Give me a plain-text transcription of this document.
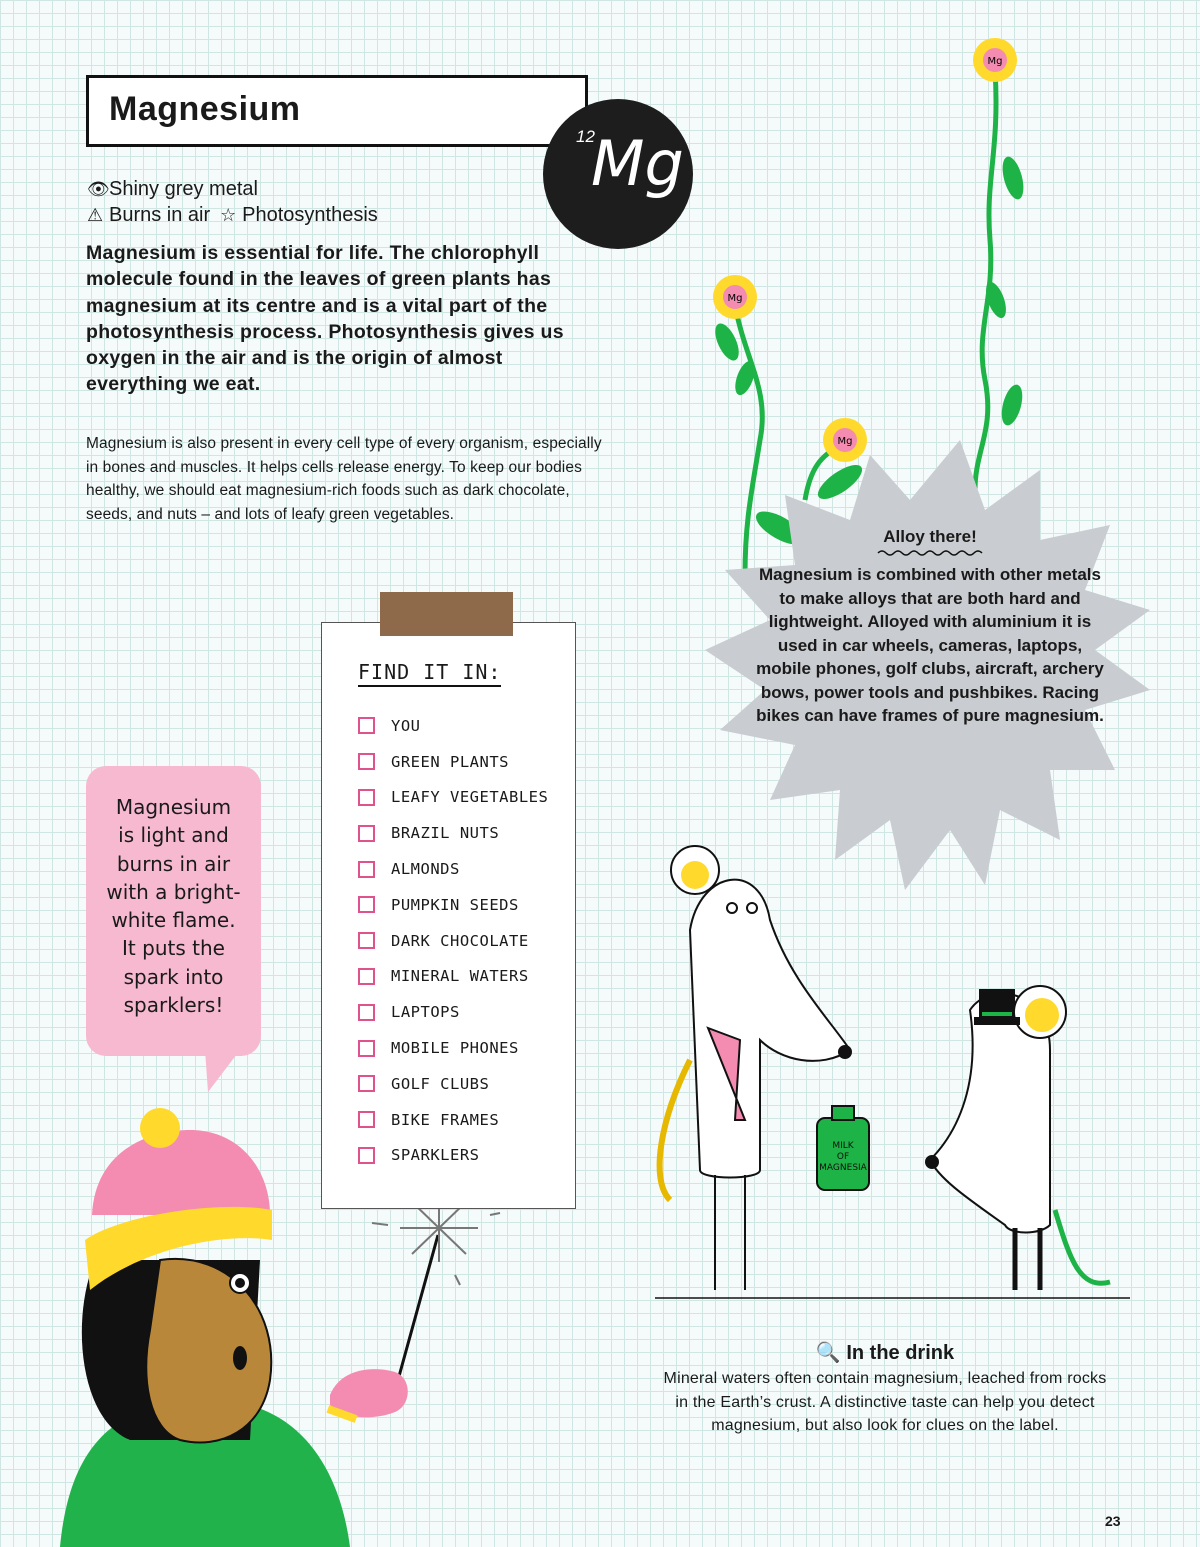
Mg
Mg
Mg
MILK
OF
MAGNESIA
Magnesium
12
Mg
👁 Shiny grey metal
⚠ Burns in air ☆ Photosynthesis
Magnesium is essential for life. The chlorophyll molecule found in the leaves of green plants has magnesium at its centre and is a vital part of the photosynthesis process. Photosynthesis gives us oxygen in the air and is the origin of almost everything we eat.
Magnesium is also present in every cell type of every organism, especially in bones and muscles. It helps cells release energy. To keep our bodies healthy, we should eat magnesium-rich foods such as dark chocolate, seeds, and nuts – and lots of leafy green vegetables.
FIND IT IN:
YOU
GREEN PLANTS
LEAFY VEGETABLES
BRAZIL NUTS
ALMONDS
PUMPKIN SEEDS
DARK CHOCOLATE
MINERAL WATERS
LAPTOPS
MOBILE PHONES
GOLF CLUBS
BIKE FRAMES
SPARKLERS
Magnesium
is light and
burns in air
with a bright-
white flame.
It puts the
spark into
sparklers!
Alloy there!
Magnesium is combined with other metals to make alloys that are both hard and lightweight. Alloyed with aluminium it is used in car wheels, cameras, laptops, mobile phones, golf clubs, aircraft, archery bows, power tools and pushbikes. Racing bikes can have frames of pure magnesium.
🔍 In the drink
Mineral waters often contain magnesium, leached from rocks in the Earth’s crust. A distinctive taste can help you detect magnesium, but also look for clues on the label.
23
